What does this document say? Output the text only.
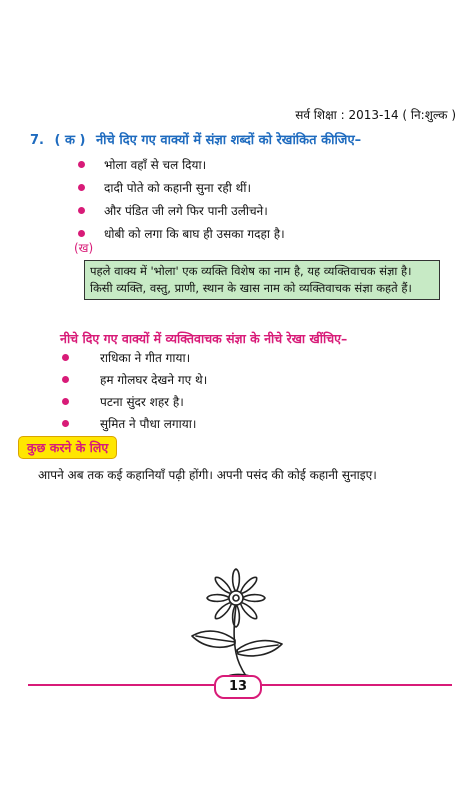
सर्व शिक्षा : 2013-14 ( नि:शुल्क )
7. ( क ) नीचे दिए गए वाक्यों में संज्ञा शब्दों को रेखांकित कीजिए–
भोला वहाँ से चल दिया।
दादी पोते को कहानी सुना रही थीं।
और पंडित जी लगे फिर पानी उलीचने।
धोबी को लगा कि बाघ ही उसका गदहा है।
(ख)
पहले वाक्य में 'भोला' एक व्यक्ति विशेष का नाम है, यह व्यक्तिवाचक संज्ञा है। किसी व्यक्ति, वस्तु, प्राणी, स्थान के खास नाम को व्यक्तिवाचक संज्ञा कहते हैं।
नीचे दिए गए वाक्यों में व्यक्तिवाचक संज्ञा के नीचे रेखा खींचिए–
राधिका ने गीत गाया।
हम गोलघर देखने गए थे।
पटना सुंदर शहर है।
सुमित ने पौधा लगाया।
कुछ करने के लिए
आपने अब तक कई कहानियाँ पढ़ी होंगी। अपनी पसंद की कोई कहानी सुनाइए।
13
